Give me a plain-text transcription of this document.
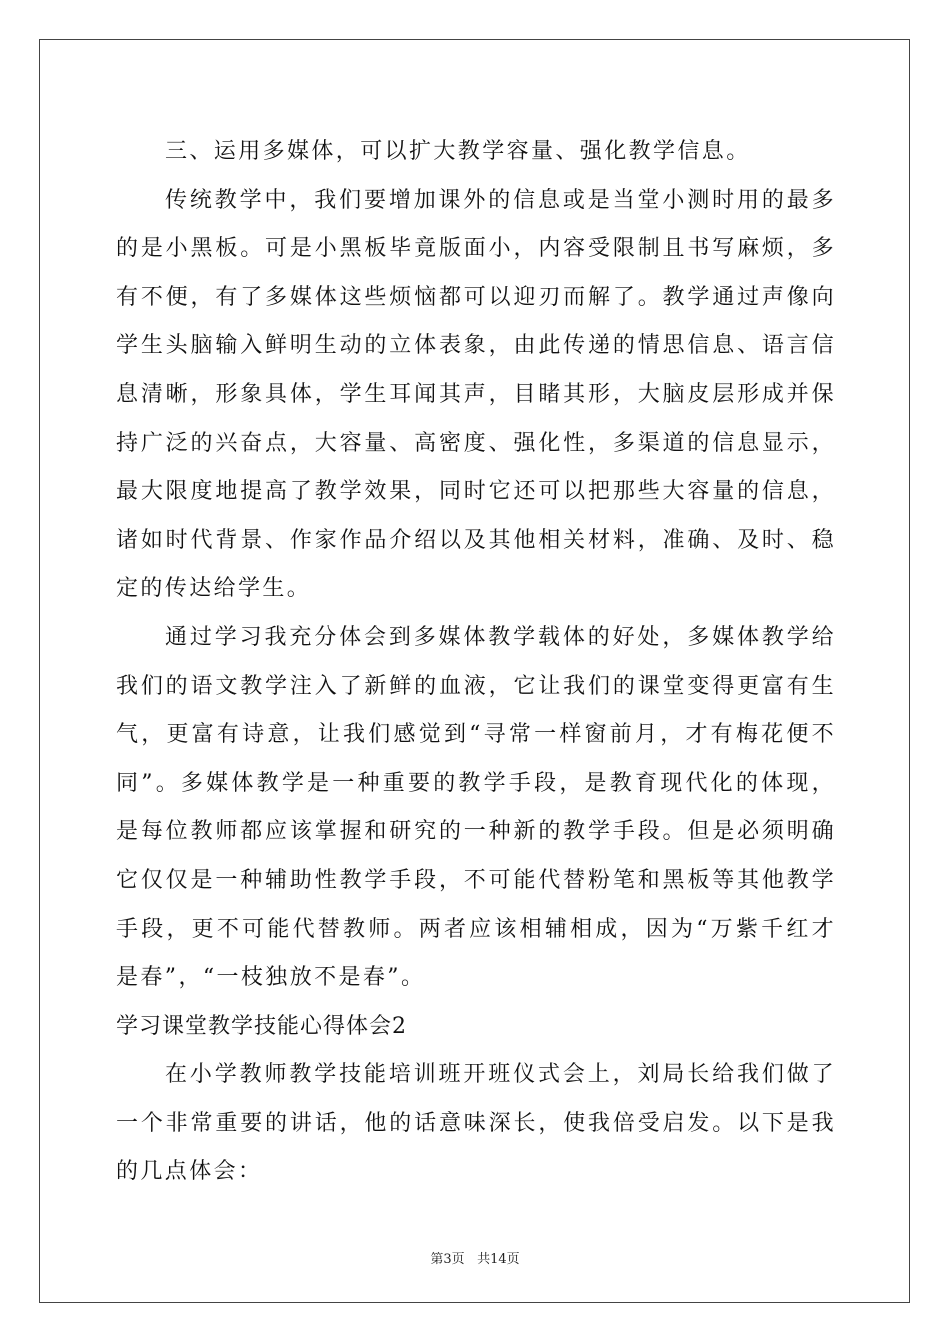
三、运用多媒体，可以扩大教学容量、强化教学信息。

传统教学中，我们要增加课外的信息或是当堂小测时用的最多的是小黑板。可是小黑板毕竟版面小，内容受限制且书写麻烦，多有不便，有了多媒体这些烦恼都可以迎刃而解了。教学通过声像向学生头脑输入鲜明生动的立体表象，由此传递的情思信息、语言信息清晰，形象具体，学生耳闻其声，目睹其形，大脑皮层形成并保持广泛的兴奋点，大容量、高密度、强化性，多渠道的信息显示，最大限度地提高了教学效果，同时它还可以把那些大容量的信息，诸如时代背景、作家作品介绍以及其他相关材料，准确、及时、稳定的传达给学生。

通过学习我充分体会到多媒体教学载体的好处，多媒体教学给我们的语文教学注入了新鲜的血液，它让我们的课堂变得更富有生气，更富有诗意，让我们感觉到“寻常一样窗前月，才有梅花便不同”。多媒体教学是一种重要的教学手段，是教育现代化的体现，是每位教师都应该掌握和研究的一种新的教学手段。但是必须明确它仅仅是一种辅助性教学手段，不可能代替粉笔和黑板等其他教学手段，更不可能代替教师。两者应该相辅相成，因为“万紫千红才是春”，“一枝独放不是春”。

学习课堂教学技能心得体会2

在小学教师教学技能培训班开班仪式会上，刘局长给我们做了一个非常重要的讲话，他的话意味深长，使我倍受启发。以下是我的几点体会：

第3页 共14页
